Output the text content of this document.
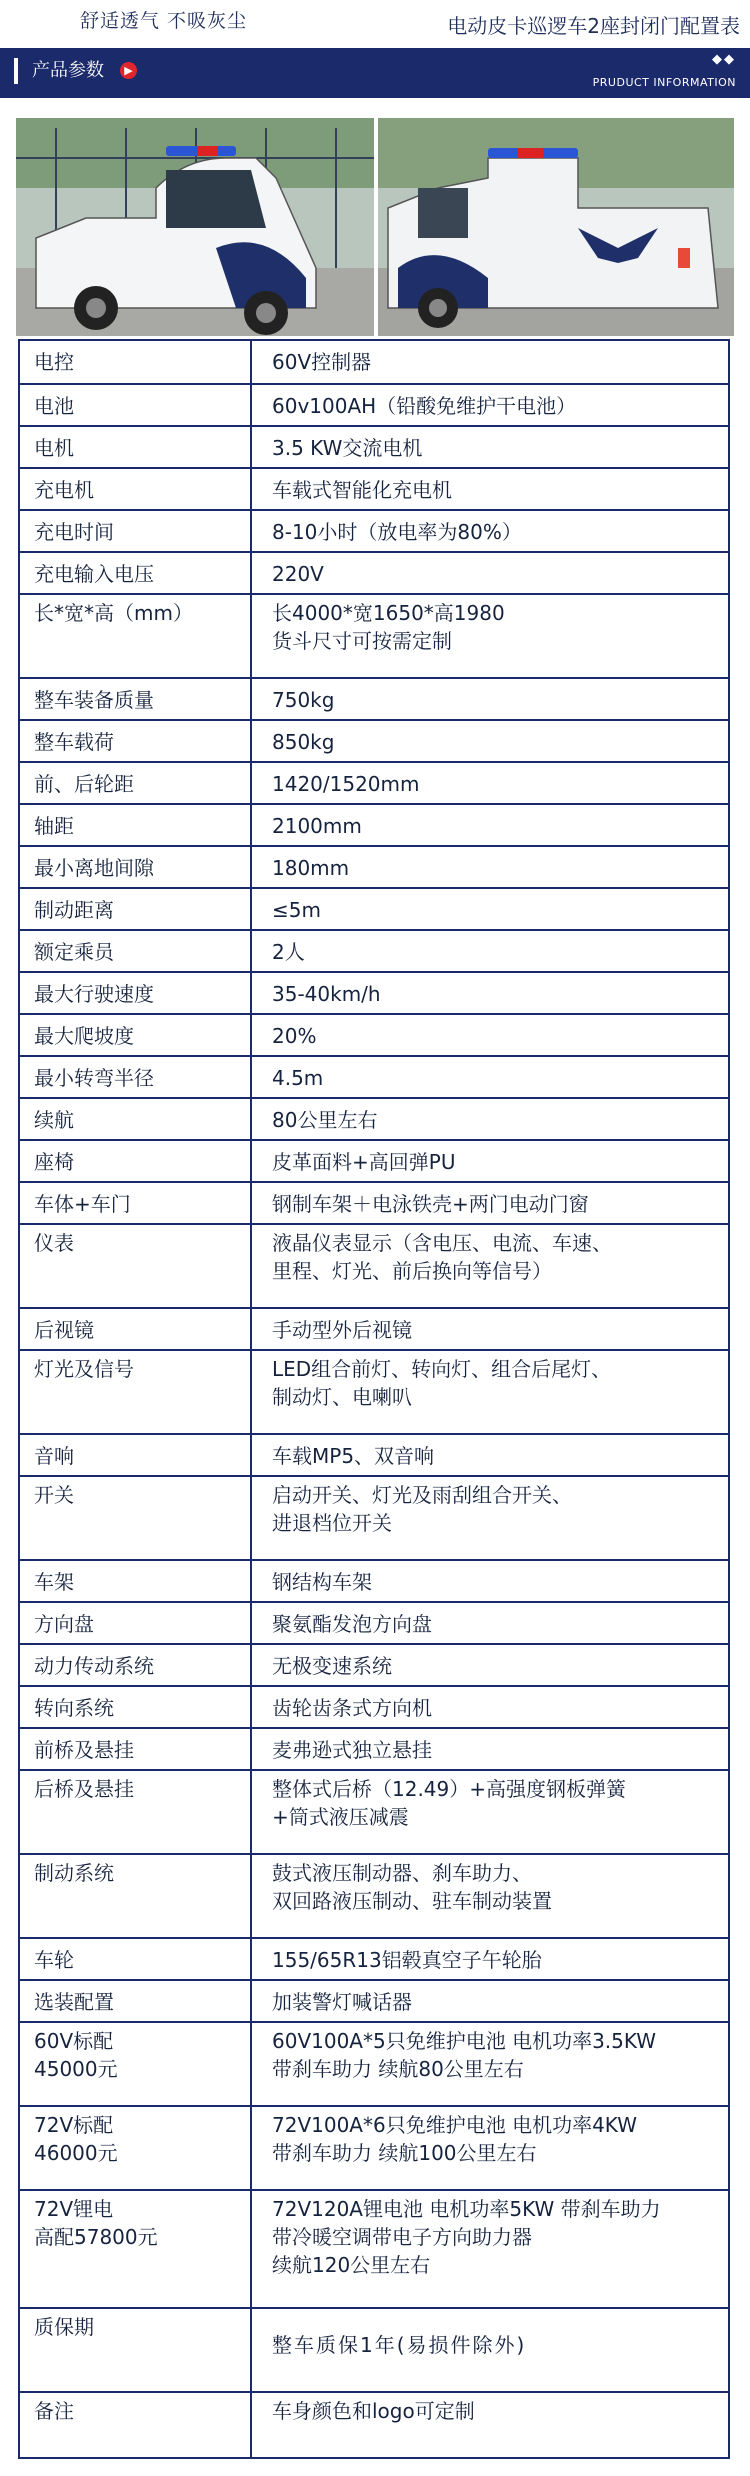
舒适透气 不吸灰尘	电动皮卡巡逻车2座封闭门配置表
产品参数	▶
◆◆
PRUDUCT INFORMATION
电控	60V控制器
电池	60v100AH（铅酸免维护干电池）
电机	3.5 KW交流电机
充电机	车载式智能化充电机
充电时间	8-10小时（放电率为80%）
充电输入电压	220V
长*宽*高（mm）	长4000*宽1650*高1980
货斗尺寸可按需定制
整车装备质量	750kg
整车载荷	850kg
前、后轮距	1420/1520mm
轴距	2100mm
最小离地间隙	180mm
制动距离	≤5m
额定乘员	2人
最大行驶速度	35-40km/h
最大爬坡度	20%
最小转弯半径	4.5m
续航	80公里左右
座椅	皮革面料+高回弹PU
车体+车门	钢制车架＋电泳铁壳+两门电动门窗
仪表	液晶仪表显示（含电压、电流、车速、
里程、灯光、前后换向等信号）
后视镜	手动型外后视镜
灯光及信号	LED组合前灯、转向灯、组合后尾灯、
制动灯、电喇叭
音响	车载MP5、双音响
开关	启动开关、灯光及雨刮组合开关、
进退档位开关
车架	钢结构车架
方向盘	聚氨酯发泡方向盘
动力传动系统	无极变速系统
转向系统	齿轮齿条式方向机
前桥及悬挂	麦弗逊式独立悬挂
后桥及悬挂	整体式后桥（12.49）+高强度钢板弹簧
+筒式液压减震
制动系统	鼓式液压制动器、刹车助力、
双回路液压制动、驻车制动装置
车轮	155/65R13铝毂真空子午轮胎
选装配置	加装警灯喊话器
60V标配
45000元	60V100A*5只免维护电池 电机功率3.5KW
带刹车助力 续航80公里左右
72V标配
46000元	72V100A*6只免维护电池 电机功率4KW
带刹车助力 续航100公里左右
72V锂电
高配57800元	72V120A锂电池 电机功率5KW 带刹车助力
带冷暖空调带电子方向助力器
续航120公里左右
质保期	整车质保1年(易损件除外)
备注	车身颜色和logo可定制
